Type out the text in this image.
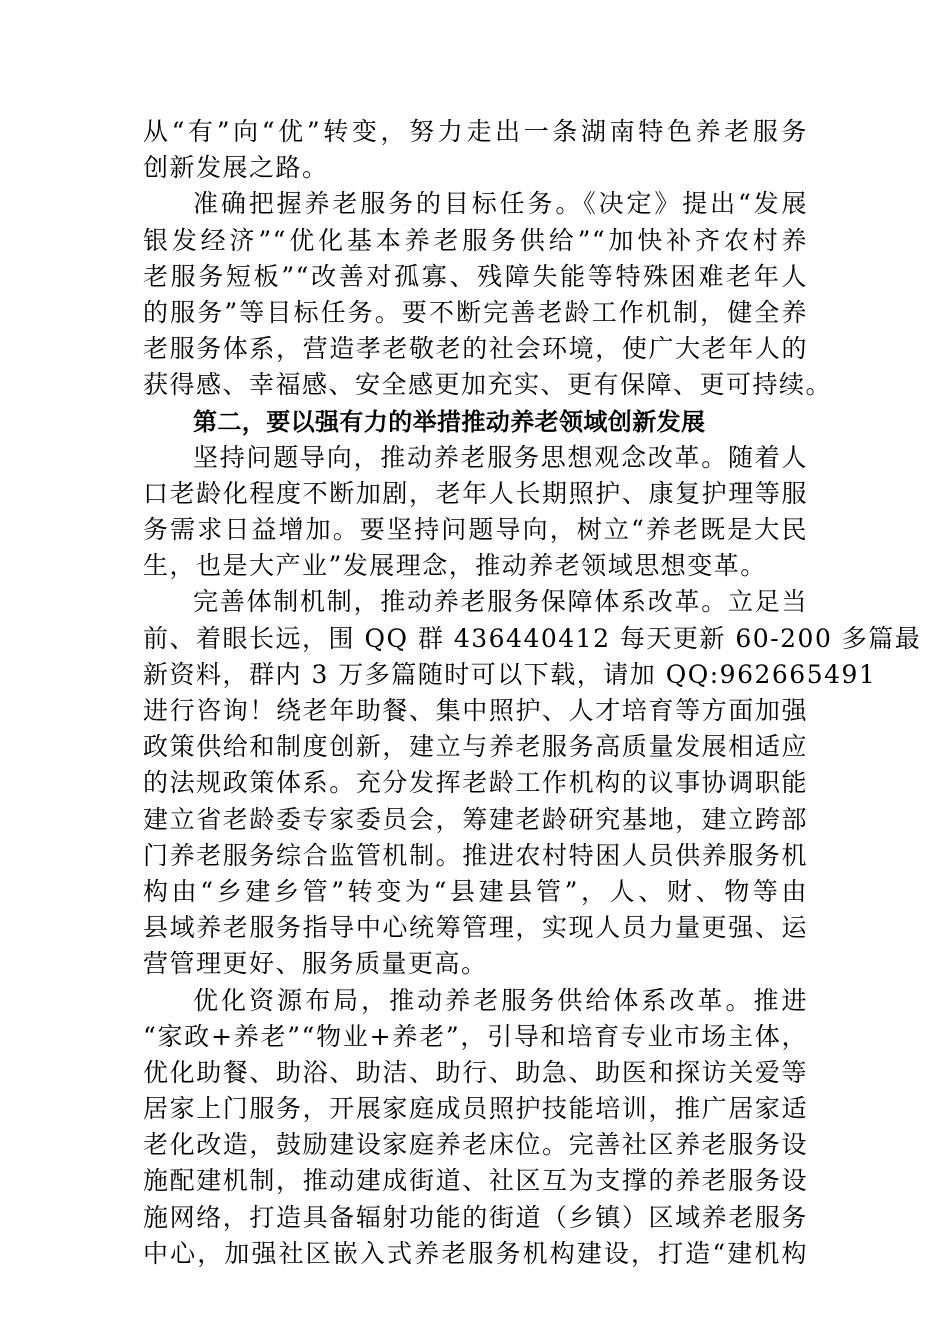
从“有”向“优”转变，努力走出一条湖南特色养老服务
创新发展之路。
准确把握养老服务的目标任务。《决定》提出“发展
银发经济”“优化基本养老服务供给”“加快补齐农村养
老服务短板”“改善对孤寡、残障失能等特殊困难老年人
的服务”等目标任务。要不断完善老龄工作机制，健全养
老服务体系，营造孝老敬老的社会环境，使广大老年人的
获得感、幸福感、安全感更加充实、更有保障、更可持续。
第二，要以强有力的举措推动养老领域创新发展
坚持问题导向，推动养老服务思想观念改革。随着人
口老龄化程度不断加剧，老年人长期照护、康复护理等服
务需求日益增加。要坚持问题导向，树立“养老既是大民
生，也是大产业”发展理念，推动养老领域思想变革。
完善体制机制，推动养老服务保障体系改革。立足当
前、着眼长远，围 QQ 群 436440412 每天更新 60-200 多篇最
新资料，群内 3 万多篇随时可以下载，请加 QQ:962665491
进行咨询！绕老年助餐、集中照护、人才培育等方面加强
政策供给和制度创新，建立与养老服务高质量发展相适应
的法规政策体系。充分发挥老龄工作机构的议事协调职能
建立省老龄委专家委员会，筹建老龄研究基地，建立跨部
门养老服务综合监管机制。推进农村特困人员供养服务机
构由“乡建乡管”转变为“县建县管”，人、财、物等由
县域养老服务指导中心统筹管理，实现人员力量更强、运
营管理更好、服务质量更高。
优化资源布局，推动养老服务供给体系改革。推进
“家政+养老”“物业+养老”，引导和培育专业市场主体，
优化助餐、助浴、助洁、助行、助急、助医和探访关爱等
居家上门服务，开展家庭成员照护技能培训，推广居家适
老化改造，鼓励建设家庭养老床位。完善社区养老服务设
施配建机制，推动建成街道、社区互为支撑的养老服务设
施网络，打造具备辐射功能的街道（乡镇）区域养老服务
中心，加强社区嵌入式养老服务机构建设，打造“建机构
